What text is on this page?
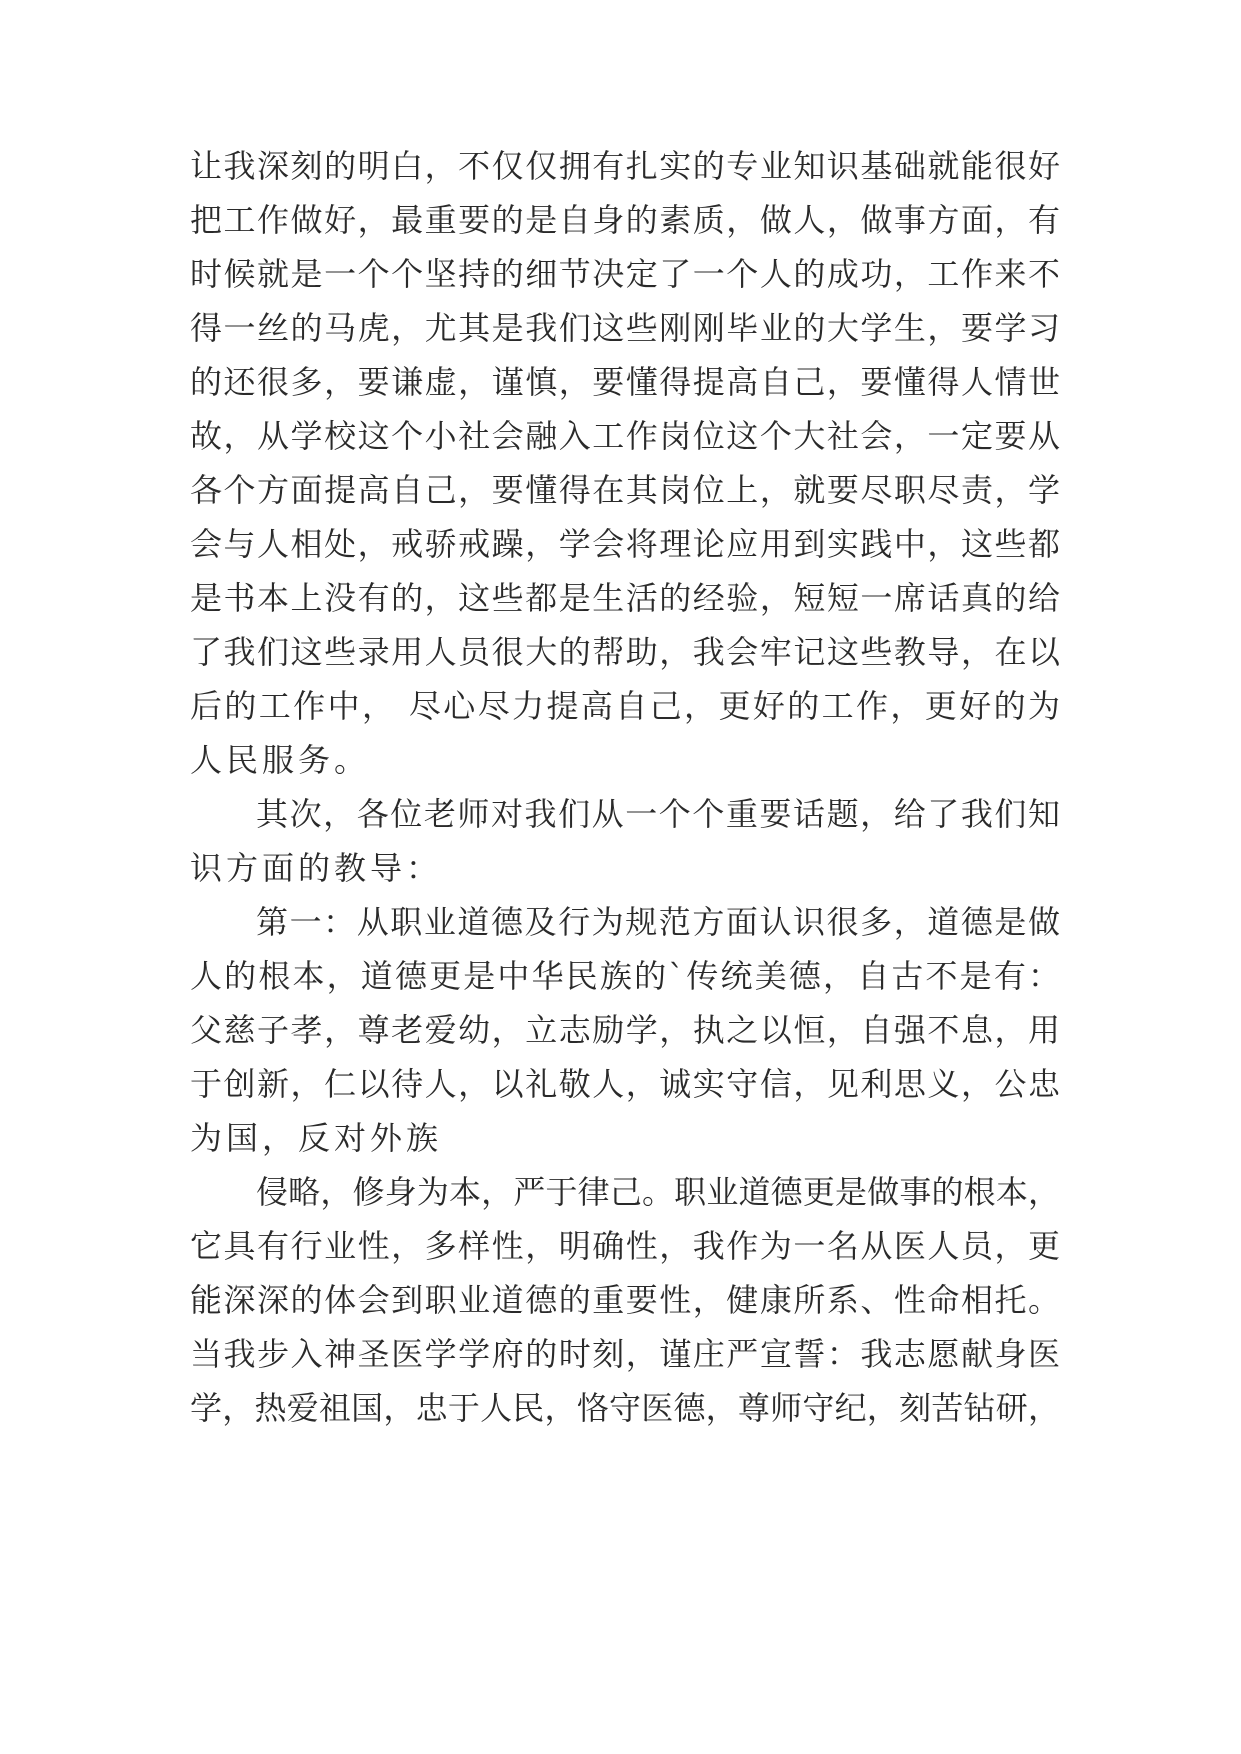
让我深刻的明白，不仅仅拥有扎实的专业知识基础就能很好
把工作做好，最重要的是自身的素质，做人，做事方面，有
时候就是一个个坚持的细节决定了一个人的成功，工作来不
得一丝的马虎，尤其是我们这些刚刚毕业的大学生，要学习
的还很多，要谦虚，谨慎，要懂得提高自己，要懂得人情世
故，从学校这个小社会融入工作岗位这个大社会，一定要从
各个方面提高自己，要懂得在其岗位上，就要尽职尽责，学
会与人相处，戒骄戒躁，学会将理论应用到实践中，这些都
是书本上没有的，这些都是生活的经验，短短一席话真的给
了我们这些录用人员很大的帮助，我会牢记这些教导，在以
后的工作中， 尽心尽力提高自己，更好的工作，更好的为
人民服务。
其次，各位老师对我们从一个个重要话题，给了我们知
识方面的教导：
第一：从职业道德及行为规范方面认识很多，道德是做
人的根本，道德更是中华民族的`传统美德，自古不是有：
父慈子孝，尊老爱幼，立志励学，执之以恒，自强不息，用
于创新，仁以待人，以礼敬人，诚实守信，见利思义，公忠
为国，反对外族
侵略，修身为本，严于律己。职业道德更是做事的根本，
它具有行业性，多样性，明确性，我作为一名从医人员，更
能深深的体会到职业道德的重要性，健康所系、性命相托。
当我步入神圣医学学府的时刻，谨庄严宣誓：我志愿献身医
学，热爱祖国，忠于人民，恪守医德，尊师守纪，刻苦钻研，
